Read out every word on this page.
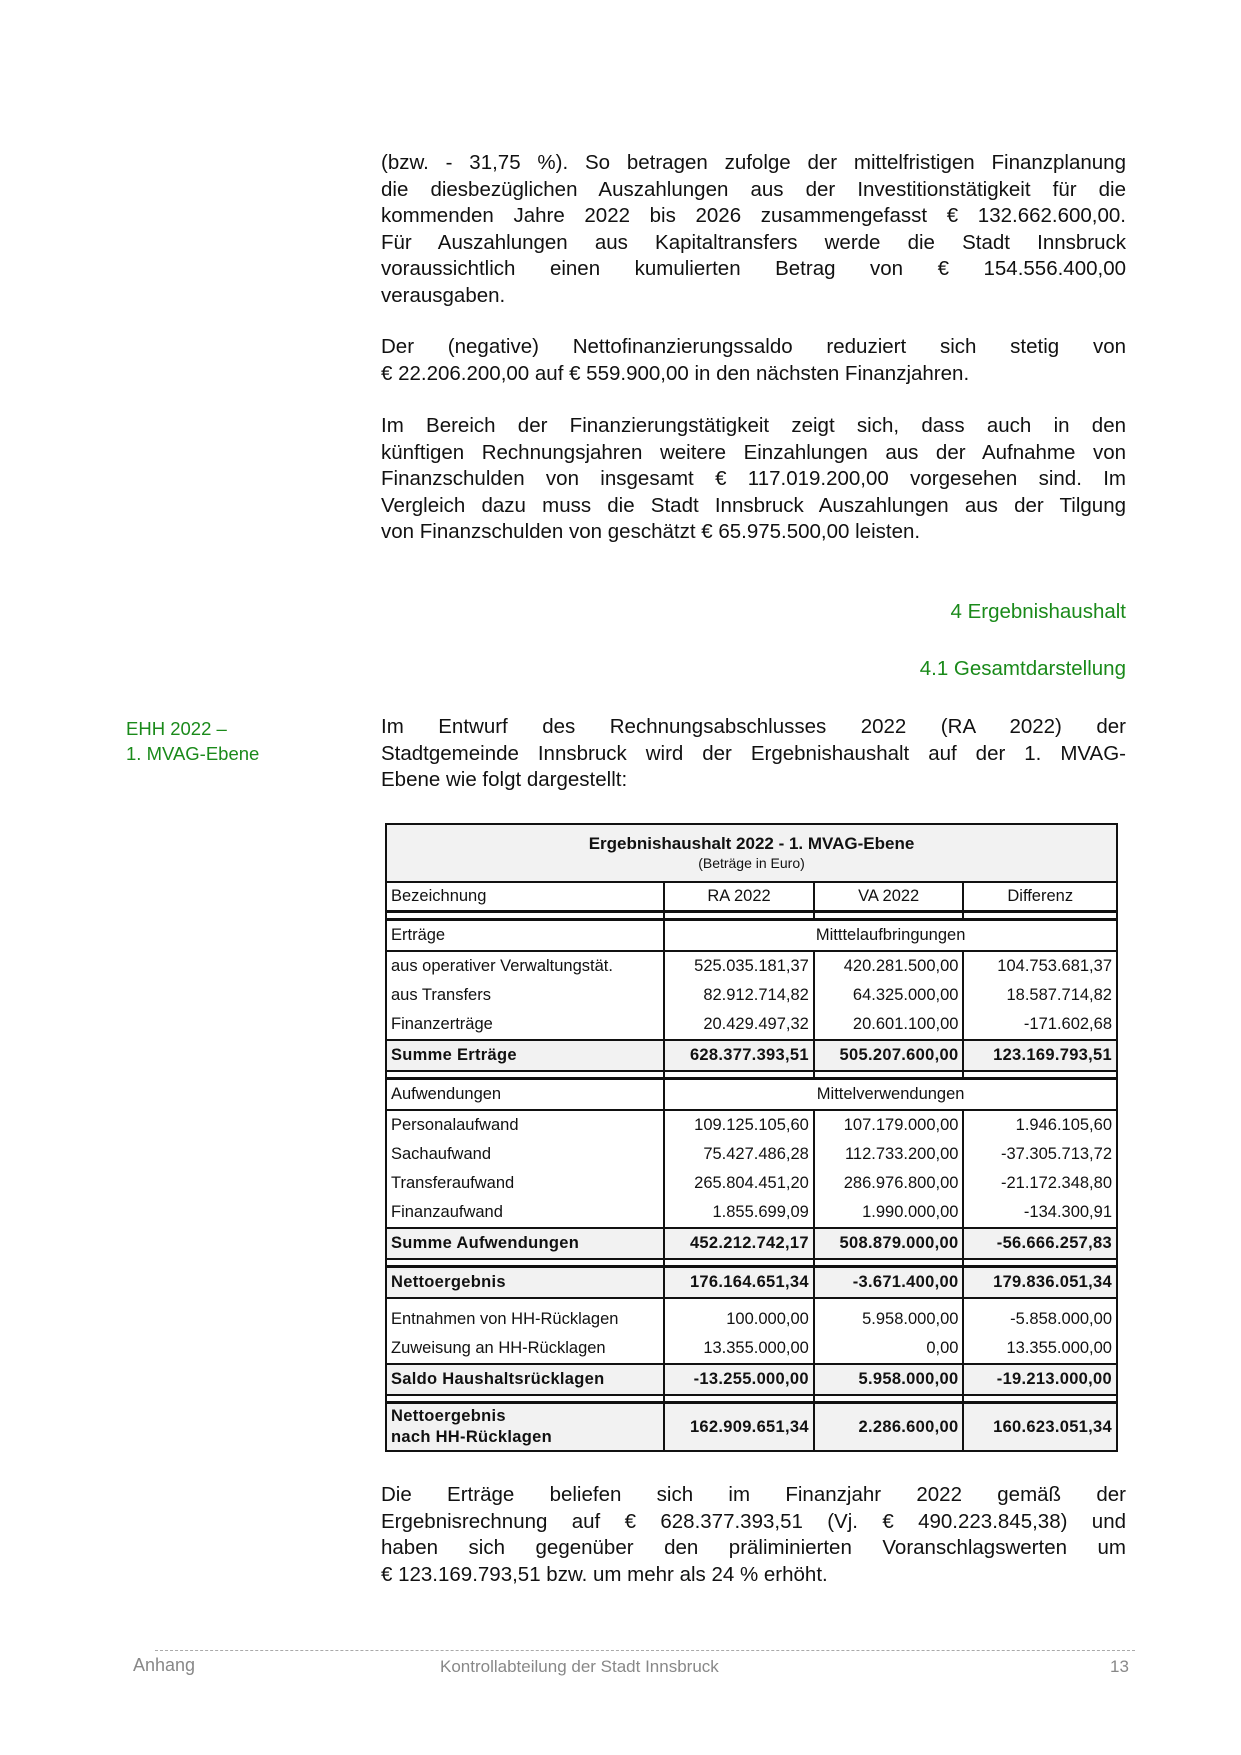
(bzw. - 31,75 %). So betragen zufolge der mittelfristigen Finanzplanung
die diesbezüglichen Auszahlungen aus der Investitionstätigkeit für die
kommenden Jahre 2022 bis 2026 zusammengefasst € 132.662.600,00.
Für Auszahlungen aus Kapitaltransfers werde die Stadt Innsbruck
voraussichtlich einen kumulierten Betrag von € 154.556.400,00
verausgaben.
Der (negative) Nettofinanzierungssaldo reduziert sich stetig von
€ 22.206.200,00 auf € 559.900,00 in den nächsten Finanzjahren.
Im Bereich der Finanzierungstätigkeit zeigt sich, dass auch in den
künftigen Rechnungsjahren weitere Einzahlungen aus der Aufnahme von
Finanzschulden von insgesamt € 117.019.200,00 vorgesehen sind. Im
Vergleich dazu muss die Stadt Innsbruck Auszahlungen aus der Tilgung
von Finanzschulden von geschätzt € 65.975.500,00 leisten.
4 Ergebnishaushalt
4.1 Gesamtdarstellung
EHH 2022 –
1. MVAG-Ebene
Im Entwurf des Rechnungsabschlusses 2022 (RA 2022) der
Stadtgemeinde Innsbruck wird der Ergebnishaushalt auf der 1. MVAG-
Ebene wie folgt dargestellt:
Ergebnishaushalt 2022 - 1. MVAG-Ebene
(Beträge in Euro)			
Bezeichnung	RA 2022	VA 2022	Differenz

Erträge	Mitttelaufbringungen		
aus operativer Verwaltungstät.	525.035.181,37	420.281.500,00	104.753.681,37
aus Transfers	82.912.714,82	64.325.000,00	18.587.714,82
Finanzerträge	20.429.497,32	20.601.100,00	-171.602,68
Summe Erträge	628.377.393,51	505.207.600,00	123.169.793,51

Aufwendungen	Mittelverwendungen		
Personalaufwand	109.125.105,60	107.179.000,00	1.946.105,60
Sachaufwand	75.427.486,28	112.733.200,00	-37.305.713,72
Transferaufwand	265.804.451,20	286.976.800,00	-21.172.348,80
Finanzaufwand	1.855.699,09	1.990.000,00	-134.300,91
Summe Aufwendungen	452.212.742,17	508.879.000,00	-56.666.257,83

Nettoergebnis	176.164.651,34	-3.671.400,00	179.836.051,34

Entnahmen von HH-Rücklagen	100.000,00	5.958.000,00	-5.858.000,00
Zuweisung an HH-Rücklagen	13.355.000,00	0,00	13.355.000,00
Saldo Haushaltsrücklagen	-13.255.000,00	5.958.000,00	-19.213.000,00

Nettoergebnis
nach HH-Rücklagen	162.909.651,34	2.286.600,00	160.623.051,34
Die Erträge beliefen sich im Finanzjahr 2022 gemäß der
Ergebnisrechnung auf € 628.377.393,51 (Vj. € 490.223.845,38) und
haben sich gegenüber den präliminierten Voranschlagswerten um
€ 123.169.793,51 bzw. um mehr als 24 % erhöht.
Anhang	Kontrollabteilung der Stadt Innsbruck	13
